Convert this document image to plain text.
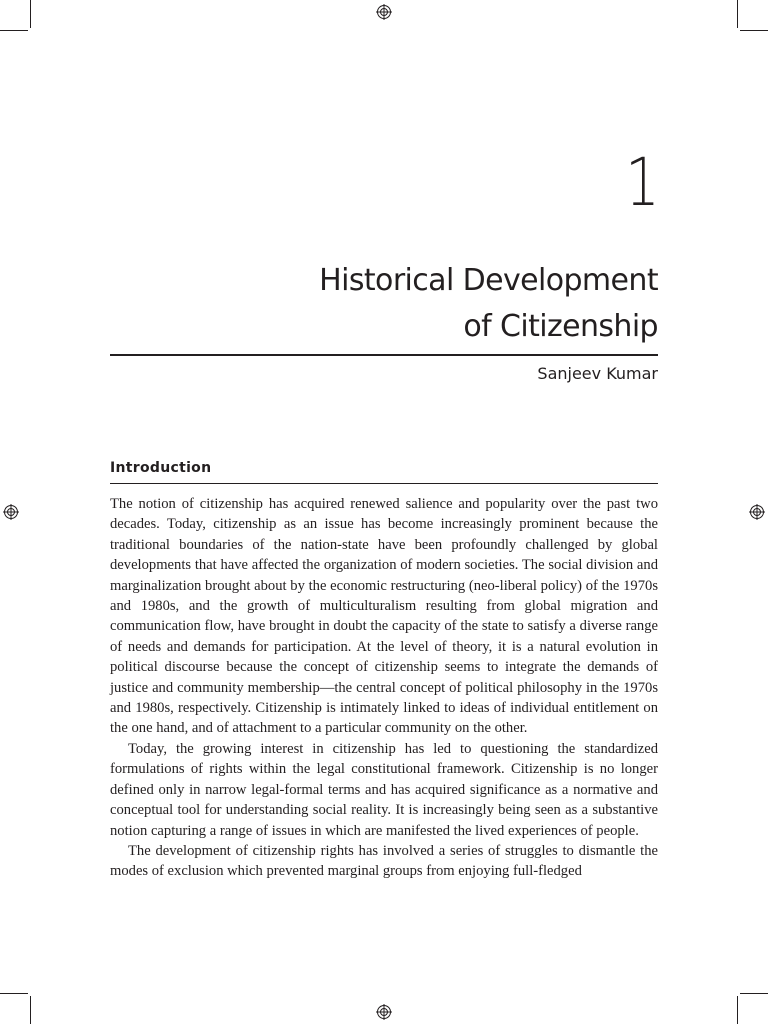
1
Historical Development
of Citizenship
Sanjeev Kumar
Introduction

The notion of citizenship has acquired renewed salience and popularity over the past two decades. Today, citizenship as an issue has become increasingly prominent because the traditional boundaries of the nation-state have been profoundly challenged by global developments that have affected the organization of modern societies. The social division and marginalization brought about by the economic restructuring (neo-liberal policy) of the 1970s and 1980s, and the growth of multiculturalism resulting from global migration and communication flow, have brought in doubt the capacity of the state to satisfy a diverse range of needs and demands for participation. At the level of theory, it is a natural evolution in political discourse because the concept of citizenship seems to integrate the demands of justice and community membership—the central concept of political philosophy in the 1970s and 1980s, respectively. Citizenship is intimately linked to ideas of individual entitlement on the one hand, and of attachment to a particular community on the other.

Today, the growing interest in citizenship has led to questioning the standardized formulations of rights within the legal constitutional framework. Citizenship is no longer defined only in narrow legal-formal terms and has acquired significance as a normative and conceptual tool for understanding social reality. It is increasingly being seen as a substantive notion capturing a range of issues in which are manifested the lived experiences of people.

The development of citizenship rights has involved a series of struggles to dismantle the modes of exclusion which prevented marginal groups from enjoying full-fledged
